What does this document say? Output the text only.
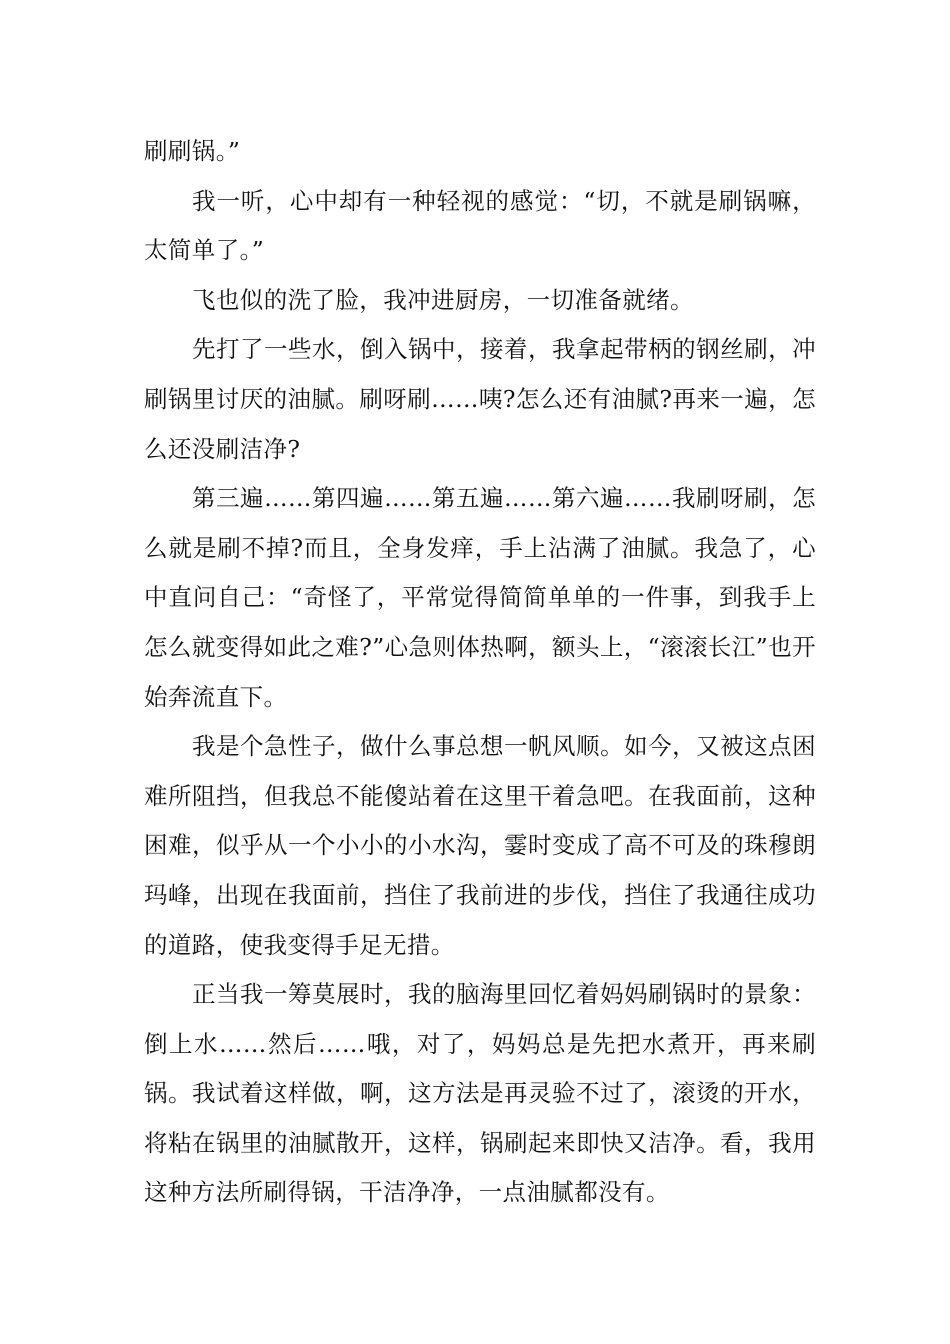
刷刷锅。”

我一听，心中却有一种轻视的感觉：“切，不就是刷锅嘛，太简单了。”

飞也似的洗了脸，我冲进厨房，一切准备就绪。

先打了一些水，倒入锅中，接着，我拿起带柄的钢丝刷，冲刷锅里讨厌的油腻。刷呀刷……咦?怎么还有油腻?再来一遍，怎么还没刷洁净?

第三遍……第四遍……第五遍……第六遍……我刷呀刷，怎么就是刷不掉?而且，全身发痒，手上沾满了油腻。我急了，心中直问自己：“奇怪了，平常觉得简简单单的一件事，到我手上怎么就变得如此之难?”心急则体热啊，额头上，“滚滚长江”也开始奔流直下。

我是个急性子，做什么事总想一帆风顺。如今，又被这点困难所阻挡，但我总不能傻站着在这里干着急吧。在我面前，这种困难，似乎从一个小小的小水沟，霎时变成了高不可及的珠穆朗玛峰，出现在我面前，挡住了我前进的步伐，挡住了我通往成功的道路，使我变得手足无措。

正当我一筹莫展时，我的脑海里回忆着妈妈刷锅时的景象：倒上水……然后……哦，对了，妈妈总是先把水煮开，再来刷锅。我试着这样做，啊，这方法是再灵验不过了，滚烫的开水，将粘在锅里的油腻散开，这样，锅刷起来即快又洁净。看，我用这种方法所刷得锅，干洁净净，一点油腻都没有。
